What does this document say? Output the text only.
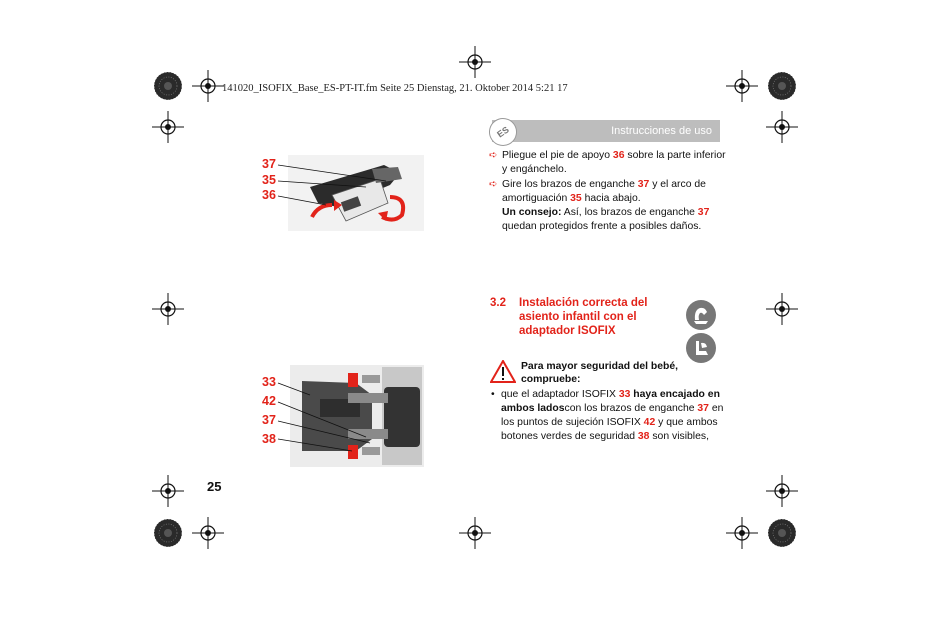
141020_ISOFIX_Base_ES-PT-IT.fm Seite 25 Dienstag, 21. Oktober 2014 5:21 17
ES	Instrucciones de uso
➪ Pliegue el pie de apoyo 36 sobre la parte inferior y engánchelo.
➪ Gire los brazos de enganche 37 y el arco de amortiguación 35 hacia abajo.
Un consejo: Así, los brazos de enganche 37 quedan protegidos frente a posibles daños.
3.2 Instalación correcta del asiento infantil con el adaptador ISOFIX
Para mayor seguridad del bebé,
compruebe:
• que el adaptador ISOFIX 33 haya encajado en ambos ladoscon los brazos de enganche 37 en los puntos de sujeción ISOFIX 42 y que ambos botones verdes de seguridad 38 son visibles,
37
35
36
33
42
37
38
25
